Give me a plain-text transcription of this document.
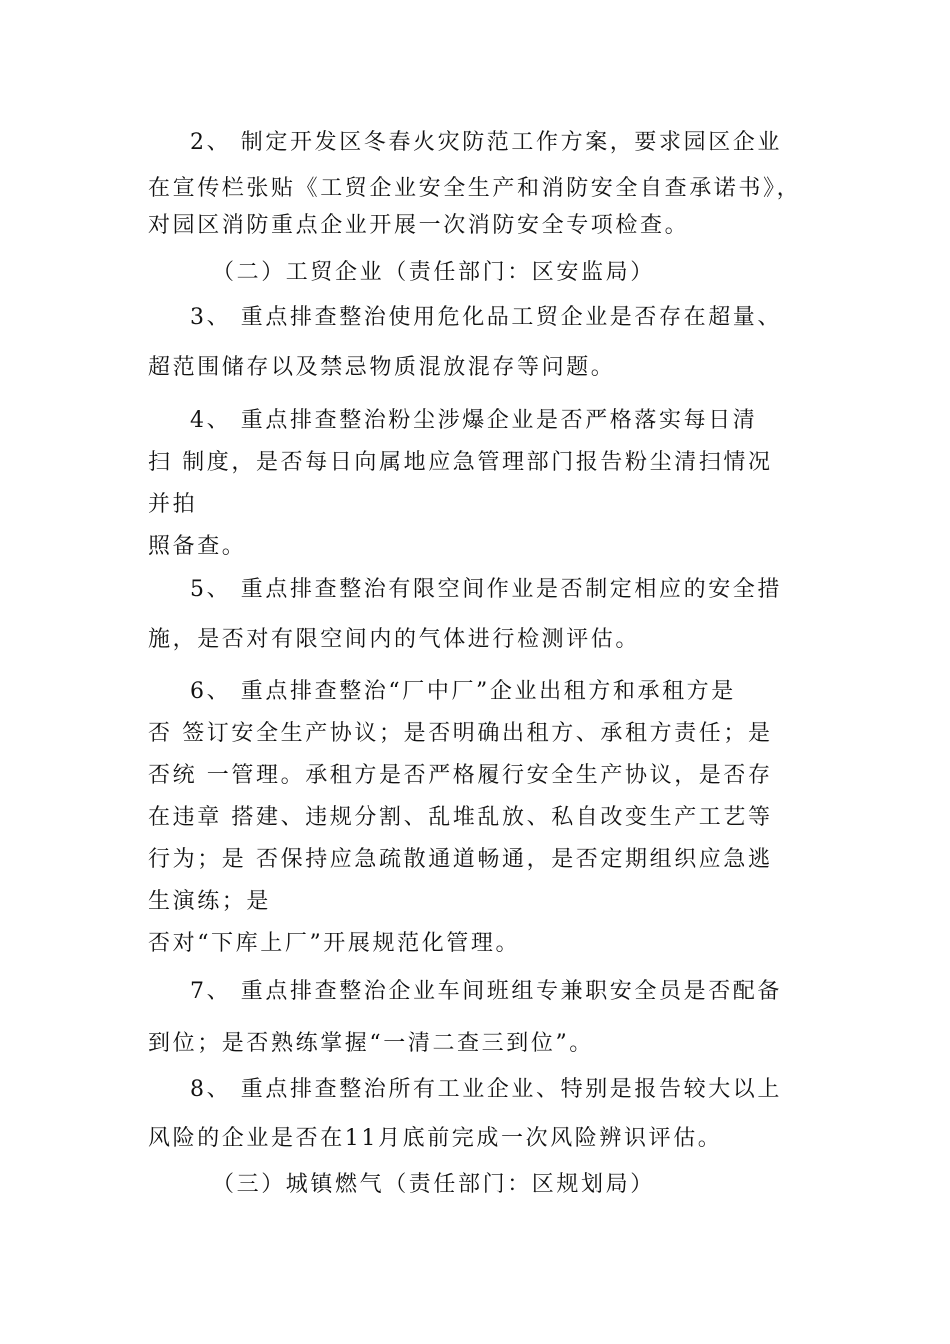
2、 制定开发区冬春火灾防范工作方案，要求园区企业
在宣传栏张贴《工贸企业安全生产和消防安全自查承诺书》，
对园区消防重点企业开展一次消防安全专项检查。
（二）工贸企业（责任部门：区安监局）
3、 重点排查整治使用危化品工贸企业是否存在超量、
超范围储存以及禁忌物质混放混存等问题。
4、 重点排查整治粉尘涉爆企业是否严格落实每日清
扫 制度，是否每日向属地应急管理部门报告粉尘清扫情况
并拍
照备查。
5、 重点排查整治有限空间作业是否制定相应的安全措
施，是否对有限空间内的气体进行检测评估。
6、 重点排查整治“厂中厂”企业出租方和承租方是
否 签订安全生产协议；是否明确出租方、承租方责任；是
否统 一管理。承租方是否严格履行安全生产协议，是否存
在违章 搭建、违规分割、乱堆乱放、私自改变生产工艺等
行为；是 否保持应急疏散通道畅通，是否定期组织应急逃
生演练；是
否对“下库上厂”开展规范化管理。
7、 重点排查整治企业车间班组专兼职安全员是否配备
到位；是否熟练掌握“一清二查三到位”。
8、 重点排查整治所有工业企业、特别是报告较大以上
风险的企业是否在11月底前完成一次风险辨识评估。
（三）城镇燃气（责任部门：区规划局）
